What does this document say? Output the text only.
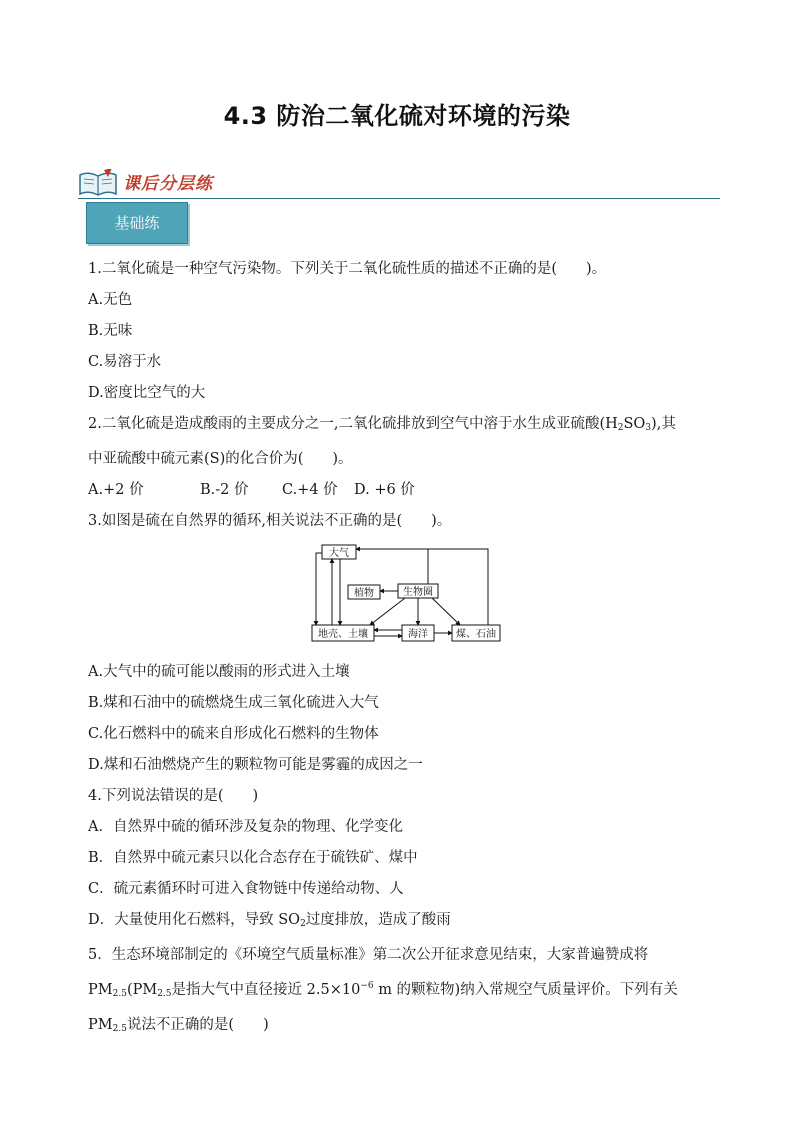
4.3 防治二氧化硫对环境的污染
课后分层练
基础练

1.二氧化硫是一种空气污染物。下列关于二氧化硫性质的描述不正确的是(　　)。

A.无色

B.无味

C.易溶于水

D.密度比空气的大

2.二氧化硫是造成酸雨的主要成分之一,二氧化硫排放到空气中溶于水生成亚硫酸$(H_2SO_3)$,其

中亚硫酸中硫元素(S)的化合价为(　　)。

A.+2 价	B.-2 价 C.+4 价 D. +6 价

3.如图是硫在自然界的循环,相关说法不正确的是(　　)。

大气
植物	生物圈
地壳、土壤	海洋	煤、石油

A.大气中的硫可能以酸雨的形式进入土壤

B.煤和石油中的硫燃烧生成三氧化硫进入大气

C.化石燃料中的硫来自形成化石燃料的生物体

D.煤和石油燃烧产生的颗粒物可能是雾霾的成因之一

4.下列说法错误的是(　　)

A．自然界中硫的循环涉及复杂的物理、化学变化

B．自然界中硫元素只以化合态存在于硫铁矿、煤中

C．硫元素循环时可进入食物链中传递给动物、人

D．大量使用化石燃料，导致 $SO_2$过度排放，造成了酸雨

5．生态环境部制定的《环境空气质量标准》第二次公开征求意见结束，大家普遍赞成将

$PM_{2.5}(PM_{2.5}$是指大气中直径接近 $2.5\times 10^{-6}$ m 的颗粒物)纳入常规空气质量评价。下列有关

$PM_{2.5}$说法不正确的是(　　)
